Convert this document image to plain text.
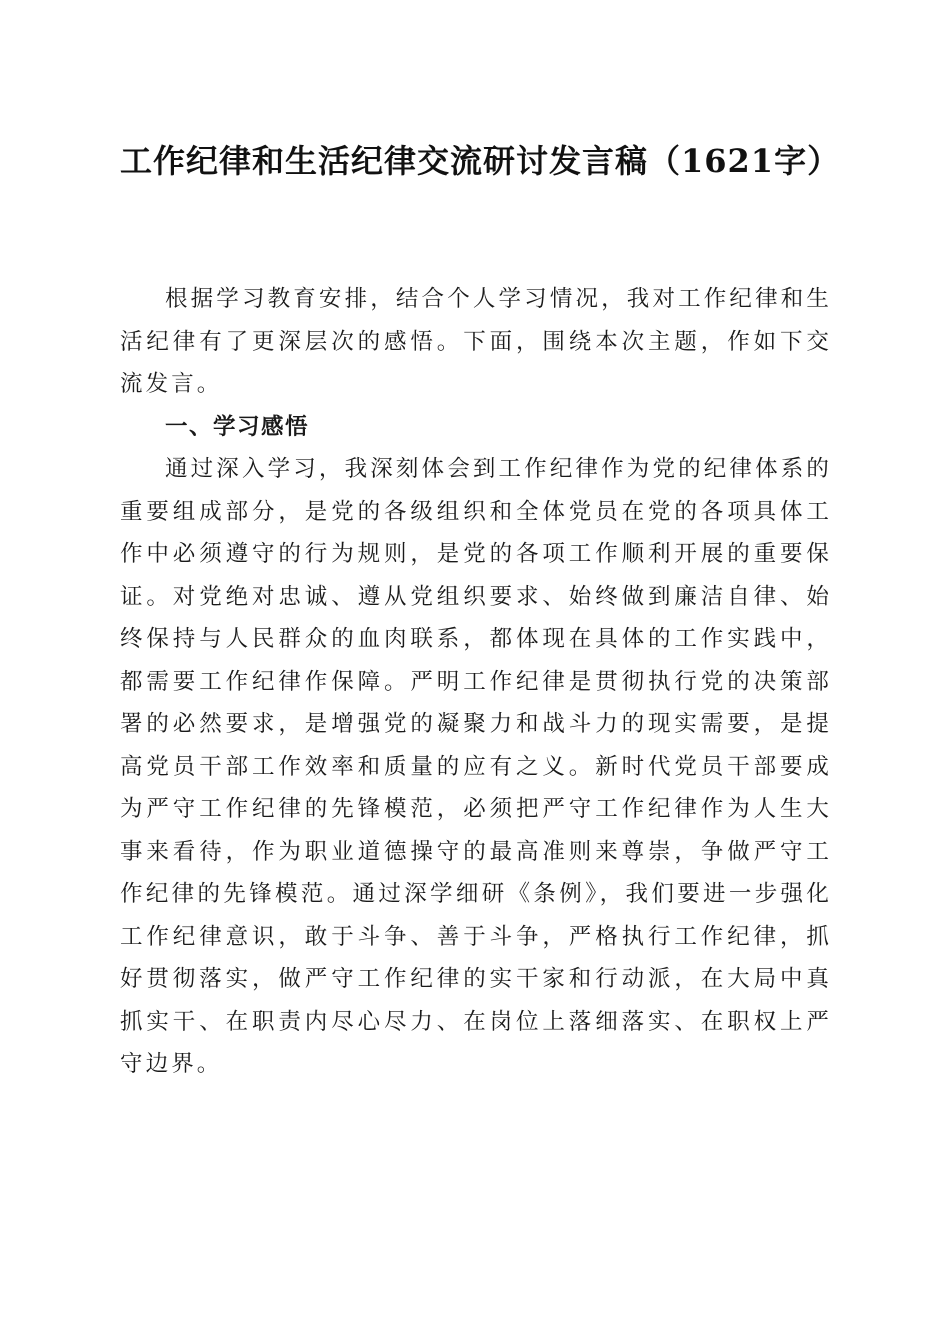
工作纪律和生活纪律交流研讨发言稿（1621字）

根据学习教育安排，结合个人学习情况，我对工作纪律和生活纪律有了更深层次的感悟。下面，围绕本次主题，作如下交流发言。

一、学习感悟

通过深入学习，我深刻体会到工作纪律作为党的纪律体系的重要组成部分，是党的各级组织和全体党员在党的各项具体工作中必须遵守的行为规则，是党的各项工作顺利开展的重要保证。对党绝对忠诚、遵从党组织要求、始终做到廉洁自律、始终保持与人民群众的血肉联系，都体现在具体的工作实践中，都需要工作纪律作保障。严明工作纪律是贯彻执行党的决策部署的必然要求，是增强党的凝聚力和战斗力的现实需要，是提高党员干部工作效率和质量的应有之义。新时代党员干部要成为严守工作纪律的先锋模范，必须把严守工作纪律作为人生大事来看待，作为职业道德操守的最高准则来尊崇，争做严守工作纪律的先锋模范。通过深学细研《条例》，我们要进一步强化工作纪律意识，敢于斗争、善于斗争，严格执行工作纪律，抓好贯彻落实，做严守工作纪律的实干家和行动派，在大局中真抓实干、在职责内尽心尽力、在岗位上落细落实、在职权上严守边界。
